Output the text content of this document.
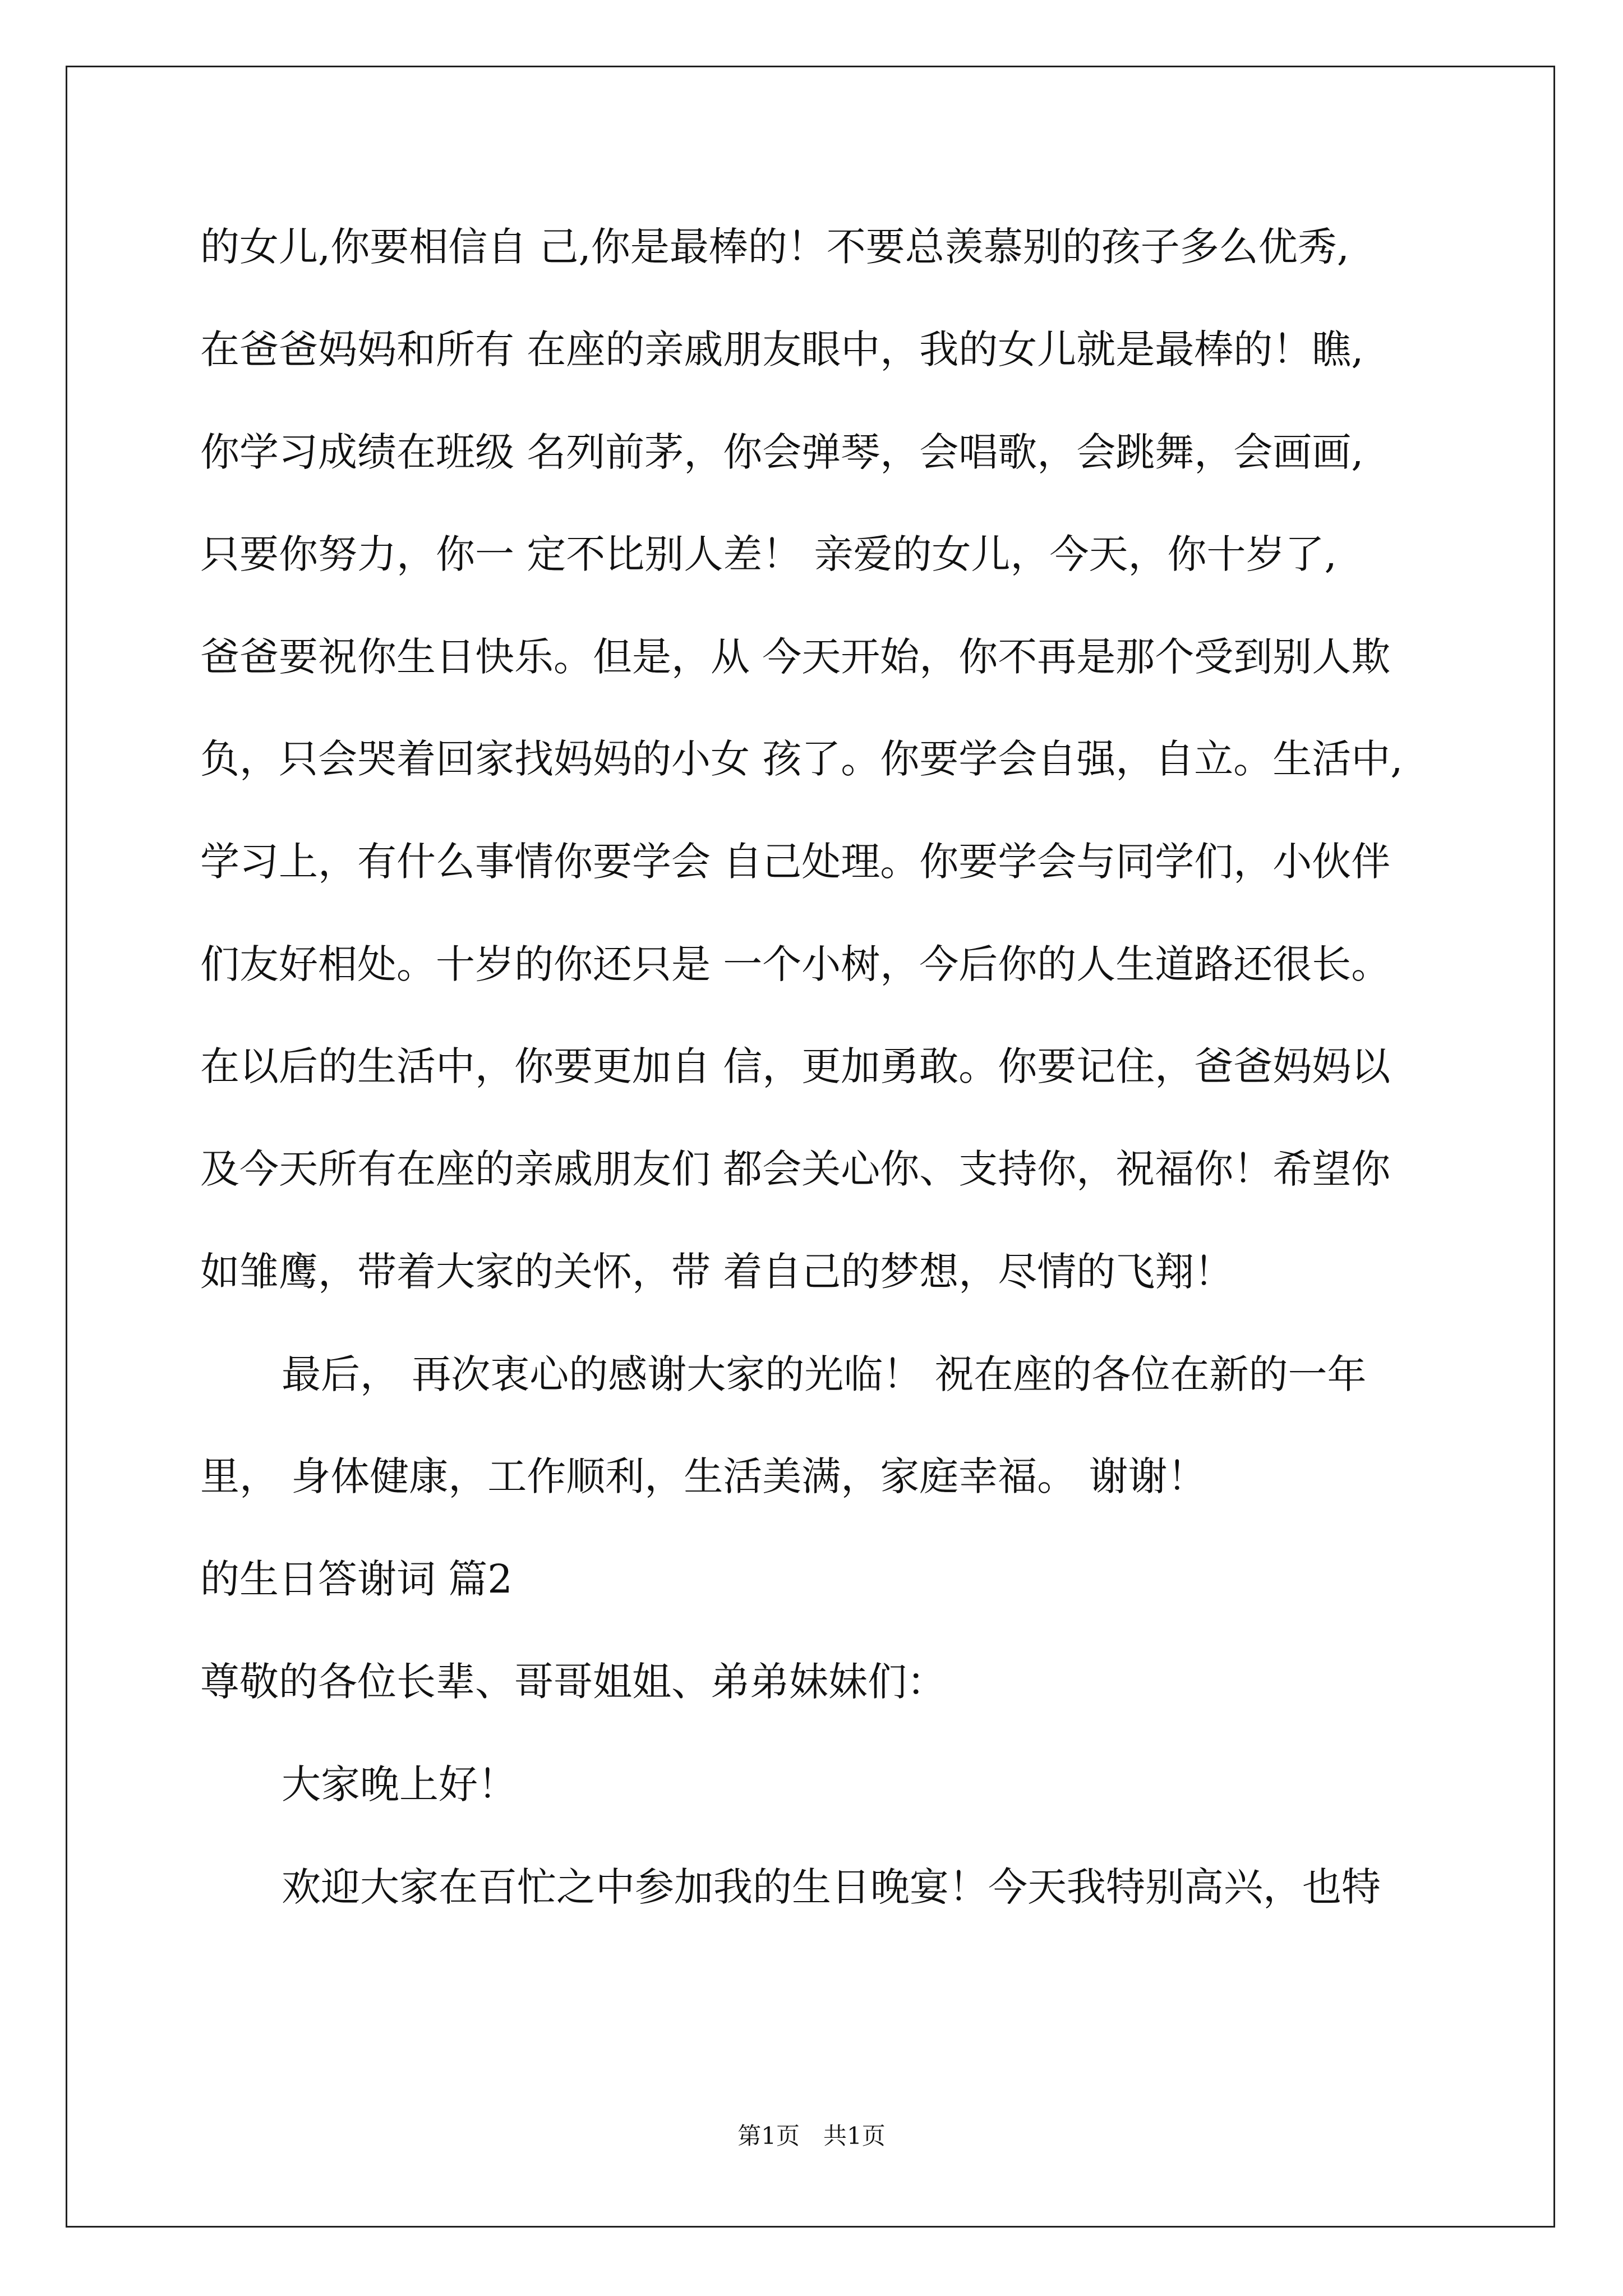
的女儿,你要相信自 己,你是最棒的！不要总羡慕别的孩子多么优秀,
在爸爸妈妈和所有 在座的亲戚朋友眼中，我的女儿就是最棒的！瞧,
你学习成绩在班级 名列前茅，你会弹琴，会唱歌，会跳舞，会画画,
只要你努力，你一 定不比别人差！ 亲爱的女儿，今天，你十岁了,
爸爸要祝你生日快乐。但是，从 今天开始，你不再是那个受到别人欺
负，只会哭着回家找妈妈的小女 孩了。你要学会自强，自立。生活中,
学习上，有什么事情你要学会 自己处理。你要学会与同学们，小伙伴
们友好相处。十岁的你还只是 一个小树，今后你的人生道路还很长。
在以后的生活中，你要更加自 信，更加勇敢。你要记住，爸爸妈妈以
及今天所有在座的亲戚朋友们 都会关心你、支持你，祝福你！希望你
如雏鹰，带着大家的关怀，带 着自己的梦想，尽情的飞翔！
最后， 再次衷心的感谢大家的光临！ 祝在座的各位在新的一年
里， 身体健康，工作顺利，生活美满，家庭幸福。 谢谢！
的生日答谢词 篇2
尊敬的各位长辈、哥哥姐姐、弟弟妹妹们：
大家晚上好！
欢迎大家在百忙之中参加我的生日晚宴！今天我特别高兴，也特
第1页　共1页
